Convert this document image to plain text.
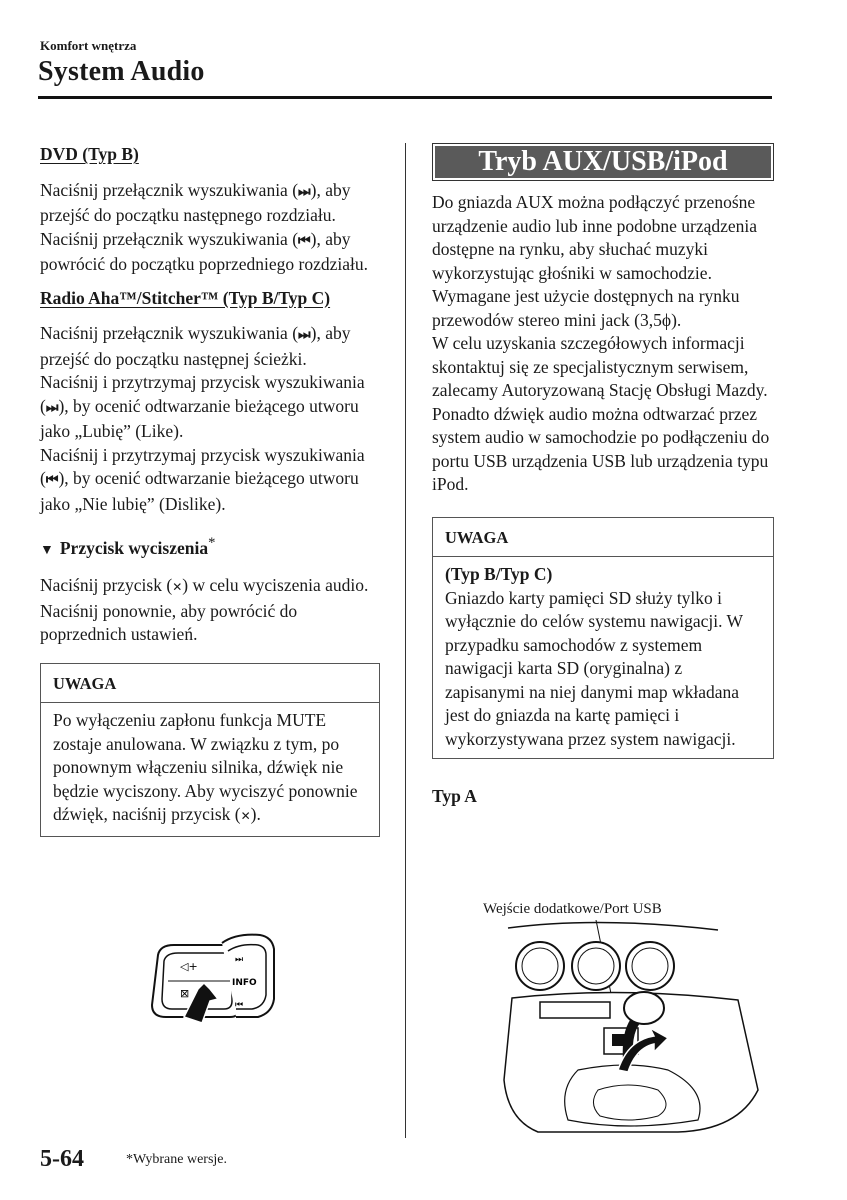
Komfort wnętrza
System Audio
DVD (Typ B)

Naciśnij przełącznik wyszukiwania (⏭), aby przejść do początku następnego rozdziału.

Naciśnij przełącznik wyszukiwania (⏮), aby powrócić do początku poprzedniego rozdziału.

Radio Aha™/Stitcher™ (Typ B/Typ C)

Naciśnij przełącznik wyszukiwania (⏭), aby przejść do początku następnej ścieżki.

Naciśnij i przytrzymaj przycisk wyszukiwania (⏭), by ocenić odtwarzanie bieżącego utworu jako „Lubię” (Like).

Naciśnij i przytrzymaj przycisk wyszukiwania (⏮), by ocenić odtwarzanie bieżącego utworu jako „Nie lubię” (Dislike).

▼ Przycisk wyciszenia*

Naciśnij przycisk (✕) w celu wyciszenia audio. Naciśnij ponownie, aby powrócić do poprzednich ustawień.

UWAGA
Po wyłączeniu zapłonu funkcja MUTE zostaje anulowana. W związku z tym, po ponownym włączeniu silnika, dźwięk nie będzie wyciszony. Aby wyciszyć ponownie dźwięk, naciśnij przycisk (✕).
◁+
⊠
⏭
INFO
⏮
Tryb AUX/USB/iPod

Do gniazda AUX można podłączyć przenośne urządzenie audio lub inne podobne urządzenia dostępne na rynku, aby słuchać muzyki wykorzystując głośniki w samochodzie.

Wymagane jest użycie dostępnych na rynku przewodów stereo mini jack (3,5ϕ).

W celu uzyskania szczegółowych informacji skontaktuj się ze specjalistycznym serwisem, zalecamy Autoryzowaną Stację Obsługi Mazdy.

Ponadto dźwięk audio można odtwarzać przez system audio w samochodzie po podłączeniu do portu USB urządzenia USB lub urządzenia typu iPod.

UWAGA
(Typ B/Typ C)
Gniazdo karty pamięci SD służy tylko i wyłącznie do celów systemu nawigacji. W przypadku samochodów z systemem nawigacji karta SD (oryginalna) z zapisanymi na niej danymi map wkładana jest do gniazda na kartę pamięci i wykorzystywana przez system nawigacji.
Typ A
Wejście dodatkowe/Port USB
5-64	*Wybrane wersje.
